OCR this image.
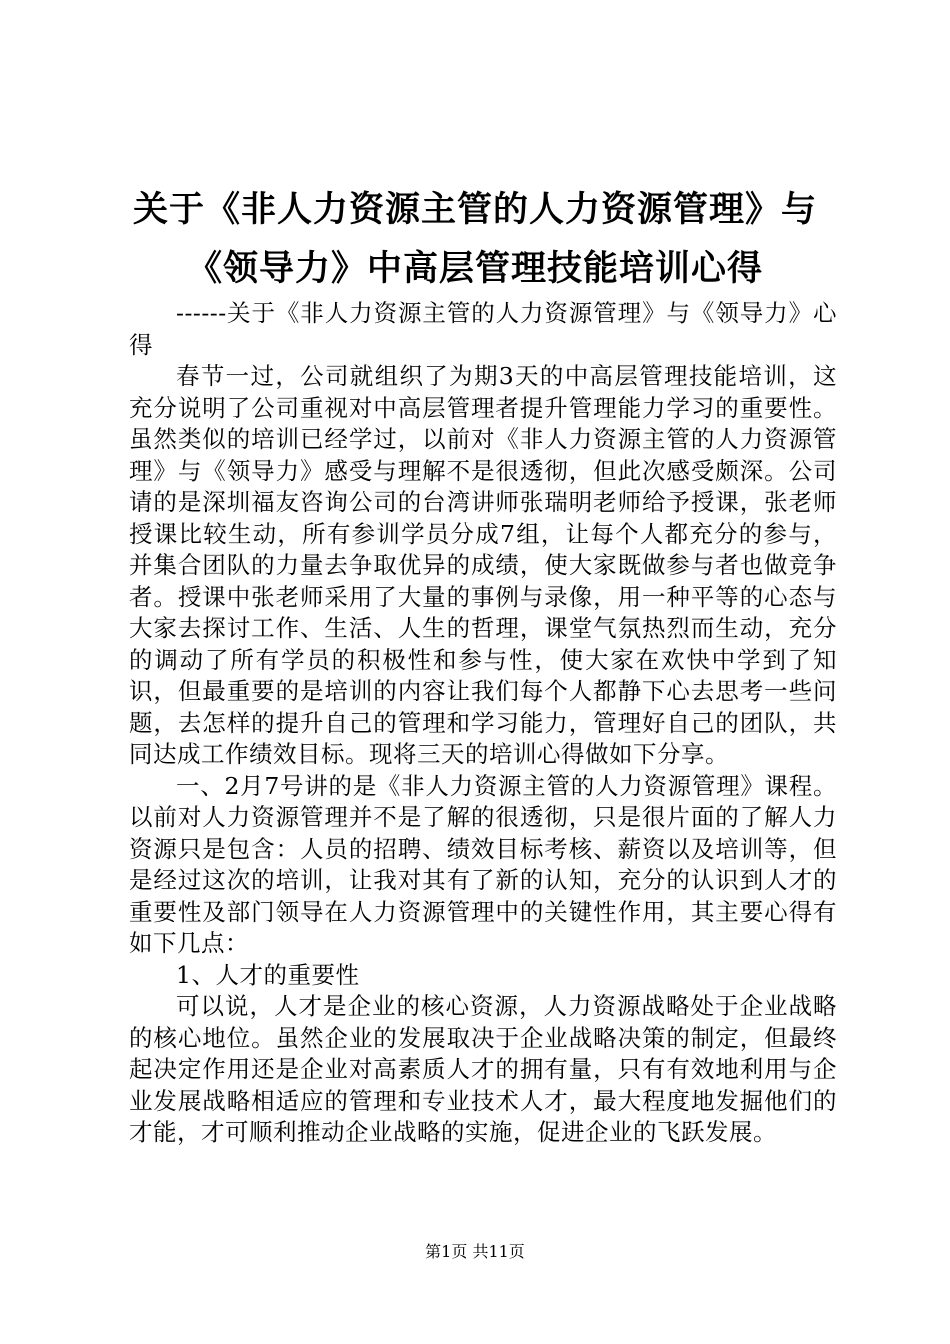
关于《非人力资源主管的人力资源管理》与
《领导力》中高层管理技能培训心得

------关于《非人力资源主管的人力资源管理》与《领导力》心得

春节一过，公司就组织了为期3天的中高层管理技能培训，这充分说明了公司重视对中高层管理者提升管理能力学习的重要性。虽然类似的培训已经学过，以前对《非人力资源主管的人力资源管理》与《领导力》感受与理解不是很透彻，但此次感受颇深。公司请的是深圳福友咨询公司的台湾讲师张瑞明老师给予授课，张老师授课比较生动，所有参训学员分成7组，让每个人都充分的参与，并集合团队的力量去争取优异的成绩，使大家既做参与者也做竞争者。授课中张老师采用了大量的事例与录像，用一种平等的心态与大家去探讨工作、生活、人生的哲理，课堂气氛热烈而生动，充分的调动了所有学员的积极性和参与性，使大家在欢快中学到了知识，但最重要的是培训的内容让我们每个人都静下心去思考一些问题，去怎样的提升自己的管理和学习能力，管理好自己的团队，共同达成工作绩效目标。现将三天的培训心得做如下分享。

一、2月7号讲的是《非人力资源主管的人力资源管理》课程。以前对人力资源管理并不是了解的很透彻，只是很片面的了解人力资源只是包含：人员的招聘、绩效目标考核、薪资以及培训等，但是经过这次的培训，让我对其有了新的认知，充分的认识到人才的重要性及部门领导在人力资源管理中的关键性作用，其主要心得有如下几点：

1、人才的重要性

可以说，人才是企业的核心资源，人力资源战略处于企业战略的核心地位。虽然企业的发展取决于企业战略决策的制定，但最终起决定作用还是企业对高素质人才的拥有量，只有有效地利用与企业发展战略相适应的管理和专业技术人才，最大程度地发掘他们的才能，才可顺利推动企业战略的实施，促进企业的飞跃发展。

第1页 共11页
